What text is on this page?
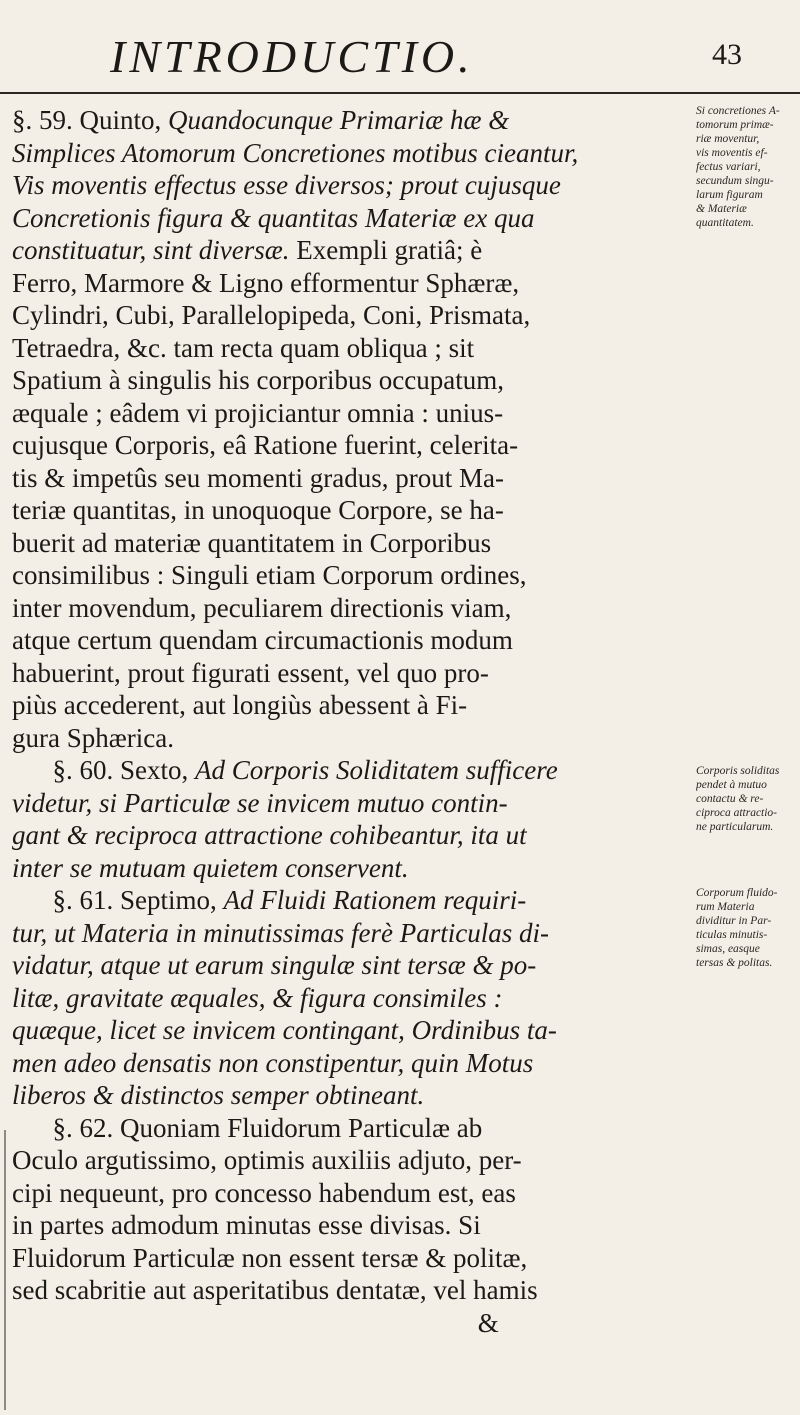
INTRODUCTIO.	43
§. 59. Quinto, Quandocunque Primariæ hæ &
Simplices Atomorum Concretiones motibus cieantur,
Vis moventis effectus esse diversos; prout cujusque
Concretionis figura & quantitas Materiæ ex qua
constituatur, sint diversæ. Exempli gratiâ; è
Ferro, Marmore & Ligno efformentur Sphæræ,
Cylindri, Cubi, Parallelopipeda, Coni, Prismata,
Tetraedra, &c. tam recta quam obliqua ; sit
Spatium à singulis his corporibus occupatum,
æquale ; eâdem vi projiciantur omnia : unius-
cujusque Corporis, eâ Ratione fuerint, celerita-
tis & impetûs seu momenti gradus, prout Ma-
teriæ quantitas, in unoquoque Corpore, se ha-
buerit ad materiæ quantitatem in Corporibus
consimilibus : Singuli etiam Corporum ordines,
inter movendum, peculiarem directionis viam,
atque certum quendam circumactionis modum
habuerint, prout figurati essent, vel quo pro-
piùs accederent, aut longiùs abessent à Fi-
gura Sphærica.
§. 60. Sexto, Ad Corporis Soliditatem sufficere
videtur, si Particulæ se invicem mutuo contin-
gant & reciproca attractione cohibeantur, ita ut
inter se mutuam quietem conservent.
§. 61. Septimo, Ad Fluidi Rationem requiri-
tur, ut Materia in minutissimas ferè Particulas di-
vidatur, atque ut earum singulæ sint tersæ & po-
litæ, gravitate æquales, & figura consimiles :
quæque, licet se invicem contingant, Ordinibus ta-
men adeo densatis non constipentur, quin Motus
liberos & distinctos semper obtineant.
§. 62. Quoniam Fluidorum Particulæ ab
Oculo argutissimo, optimis auxiliis adjuto, per-
cipi nequeunt, pro concesso habendum est, eas
in partes admodum minutas esse divisas. Si
Fluidorum Particulæ non essent tersæ & politæ,
sed scabritie aut asperitatibus dentatæ, vel hamis
&
Si concretiones A-
tomorum primæ-
riæ moventur,
vis moventis ef-
fectus variari,
secundum singu-
larum figuram
& Materiæ
quantitatem.
Corporis soliditas
pendet à mutuo
contactu & re-
ciproca attractio-
ne particularum.
Corporum fluido-
rum Materia
dividitur in Par-
ticulas minutis-
simas, easque
tersas & politas.
